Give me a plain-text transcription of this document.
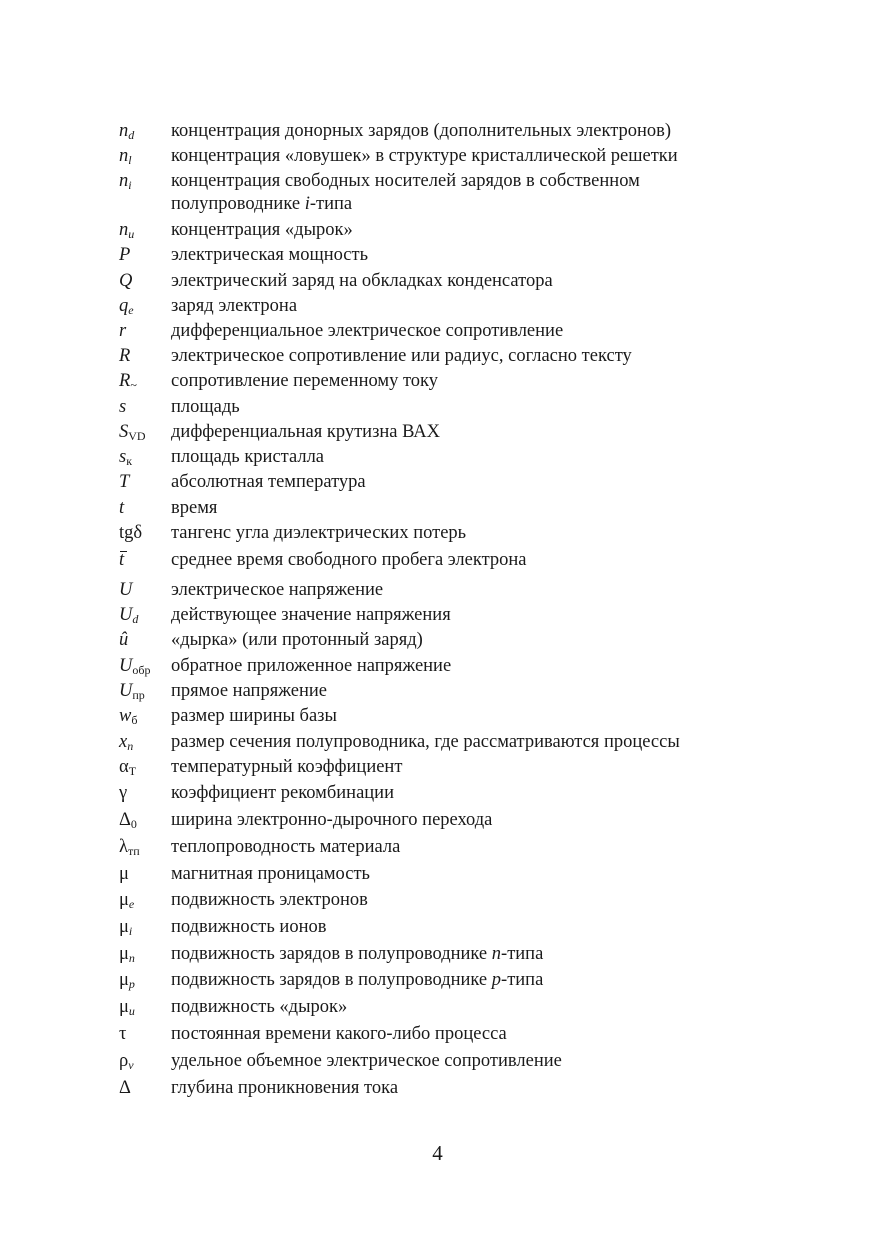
$n_d$	концентрация донорных зарядов (дополнительных электронов)
$n_l$	концентрация «ловушек» в структуре кристаллической решетки
$n_i$	концентрация свободных носителей зарядов в собственном
полупроводнике i-типа
$n_u$	концентрация «дырок»
P	электрическая мощность
Q	электрический заряд на обкладках конденсатора
$q_e$	заряд электрона
r	дифференциальное электрическое сопротивление
R	электрическое сопротивление или радиус, согласно тексту
$R_\sim$	сопротивление переменному току
s	площадь
$S_{VD}$	дифференциальная крутизна ВАХ
$s_к$	площадь кристалла
T	абсолютная температура
t	время
tgδ	тангенс угла диэлектрических потерь
t	среднее время свободного пробега электрона
U	электрическое напряжение
$U_d$	действующее значение напряжения
û	«дырка» (или протонный заряд)
$U_{обр}$	обратное приложенное напряжение
$U_{пр}$	прямое напряжение
$w_б$	размер ширины базы
$x_n$	размер сечения полупроводника, где рассматриваются процессы
$\alpha_Т$	температурный коэффициент
γ	коэффициент рекомбинации
$\Delta_0$	ширина электронно-дырочного перехода
$\lambda_{тп}$	теплопроводность материала
μ	магнитная проницамость
$\mu_e$	подвижность электронов
$\mu_i$	подвижность ионов
$\mu_n$	подвижность зарядов в полупроводнике n-типа
$\mu_p$	подвижность зарядов в полупроводнике p-типа
$\mu_u$	подвижность «дырок»
τ	постоянная времени какого-либо процесса
$\rho_v$	удельное объемное электрическое сопротивление
Δ	глубина проникновения тока
4
